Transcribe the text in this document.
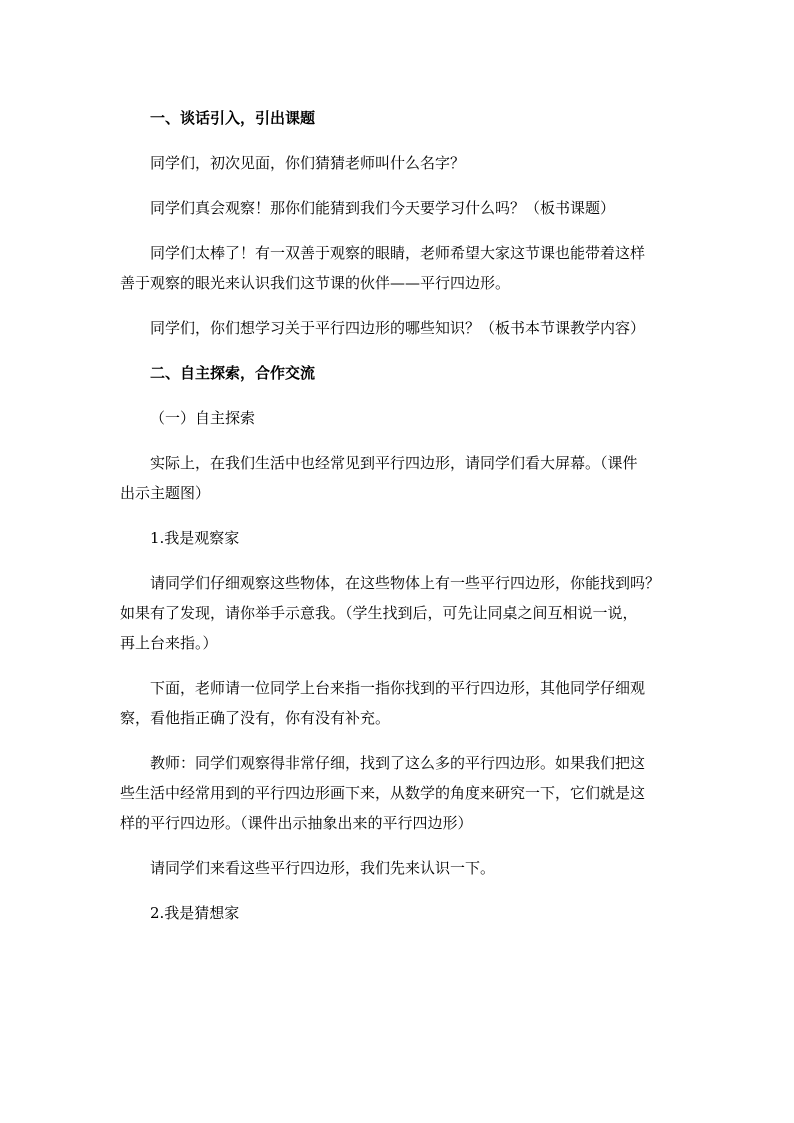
一、谈话引入，引出课题
同学们，初次见面，你们猜猜老师叫什么名字？
同学们真会观察！那你们能猜到我们今天要学习什么吗？（板书课题）
同学们太棒了！有一双善于观察的眼睛，老师希望大家这节课也能带着这样
善于观察的眼光来认识我们这节课的伙伴——平行四边形。
同学们，你们想学习关于平行四边形的哪些知识？（板书本节课教学内容）
二、自主探索，合作交流
（一）自主探索
实际上，在我们生活中也经常见到平行四边形，请同学们看大屏幕。（课件
出示主题图）
1.我是观察家
请同学们仔细观察这些物体，在这些物体上有一些平行四边形，你能找到吗？
如果有了发现，请你举手示意我。（学生找到后，可先让同桌之间互相说一说，
再上台来指。）
下面，老师请一位同学上台来指一指你找到的平行四边形，其他同学仔细观
察，看他指正确了没有，你有没有补充。
教师：同学们观察得非常仔细，找到了这么多的平行四边形。如果我们把这
些生活中经常用到的平行四边形画下来，从数学的角度来研究一下，它们就是这
样的平行四边形。（课件出示抽象出来的平行四边形）
请同学们来看这些平行四边形，我们先来认识一下。
2.我是猜想家
